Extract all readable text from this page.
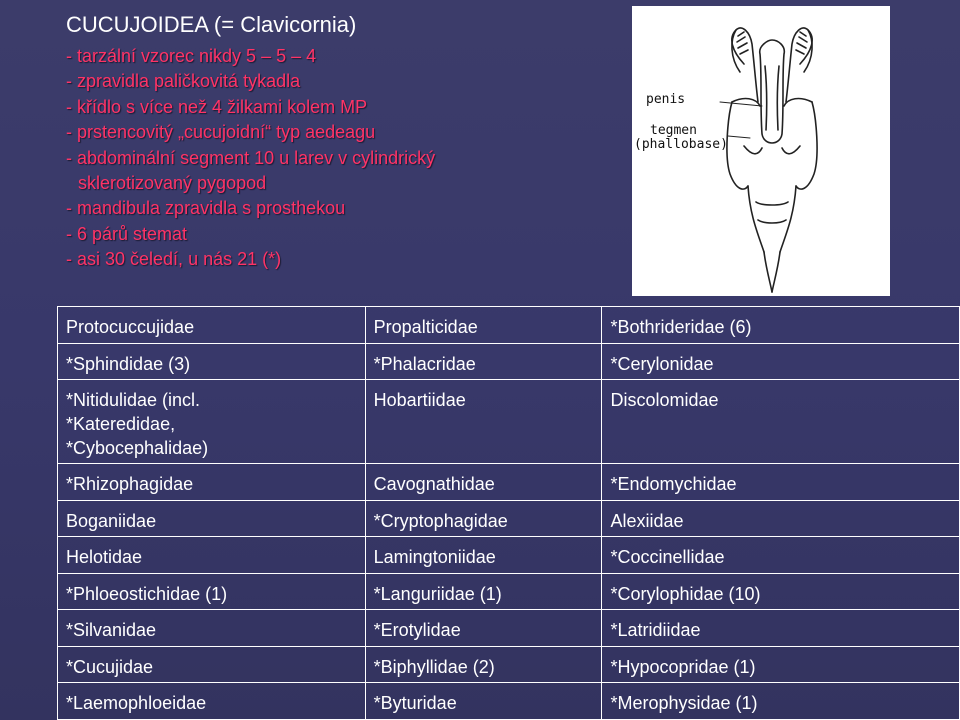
CUCUJOIDEA (= Clavicornia)
- tarzální vzorec nikdy 5 – 5 – 4
- zpravidla paličkovitá tykadla
- křídlo s více než 4 žilkami kolem MP
- prstencovitý „cucujoidní“ typ aedeagu
- abdominální segment 10 u larev v cylindrický
sklerotizovaný pygopod
- mandibula zpravidla s prosthekou
- 6 párů stemat
- asi 30 čeledí, u nás 21 (*)
penis
tegmen
(phallobase)
Protocuccujidae	Propalticidae	*Bothrideridae (6)
*Sphindidae (3)	*Phalacridae	*Cerylonidae

*Nitidulidae (incl.
*Kateredidae,
*Cybocephalidae)	Hobartiidae	Discolomidae
*Rhizophagidae	Cavognathidae	*Endomychidae
Boganiidae	*Cryptophagidae	Alexiidae
Helotidae	Lamingtoniidae	*Coccinellidae
*Phloeostichidae (1)	*Languriidae (1)	*Corylophidae (10)
*Silvanidae	*Erotylidae	*Latridiidae
*Cucujidae	*Biphyllidae (2)	*Hypocopridae (1)
*Laemophloeidae	*Byturidae	*Merophysidae (1)
